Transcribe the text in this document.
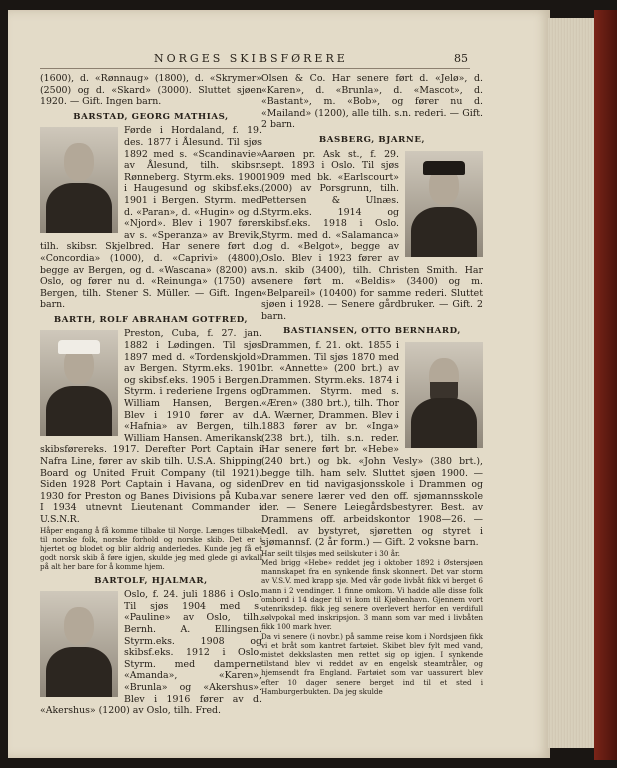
NORGES SKIBSFØRERE	85

(1600), d. «Rønnaug» (1800), d. «Skrymer» (2500) og d. «Skard» (3000). Sluttet sjøen 1920. — Gift. Ingen barn.

BARSTAD, GEORG MATHIAS,

Førde i Hordaland, f. 19. des. 1877 i Ålesund. Til sjøs 1892 med s. «Scandinavie» av Ålesund, tilh. skibsr. Rønneberg. Styrm.eks. 1900 i Haugesund og skibsf.eks. 1901 i Bergen. Styrm. med d. «Paran», d. «Hugin» og d. «Njord». Blev i 1907 fører av s. «Speranza» av Brevik, tilh. skibsr. Skjelbred. Har senere ført d. «Concordia» (1000), d. «Caprivi» (4800), begge av Bergen, og d. «Wascana» (8200) av Oslo, og fører nu d. «Reinunga» (1750) av Bergen, tilh. Stener S. Müller. — Gift. Ingen barn.

BARTH, ROLF ABRAHAM GOTFRED,

Preston, Cuba, f. 27. jan. 1882 i Lødingen. Til sjøs 1897 med d. «Tordenskjold» av Bergen. Styrm.eks. 1901 og skibsf.eks. 1905 i Bergen. Styrm. i rederiene Irgens og William Hansen, Bergen. Blev i 1910 fører av d. «Hafnia» av Bergen, tilh. William Hansen. Amerikansk skibsførereks. 1917. Derefter Port Captain i Nafra Line, fører av skib tilh. U.S.A. Shipping Board og United Fruit Company (til 1921). Siden 1928 Port Captain i Havana, og siden 1930 for Preston og Banes Divisions på Kuba. I 1934 utnevnt Lieutenant Commander i U.S.N.R.

Håper engang å få komme tilbake til Norge. Længes tilbake til norske folk, norske forhold og norske skib. Det er i hjertet og blodet og blir aldrig anderledes. Kunde jeg få et godt norsk skib å føre igjen, skulde jeg med glede gi avkall på alt her bare for å komme hjem.

BARTOLF, HJALMAR,

Oslo, f. 24. juli 1886 i Oslo. Til sjøs 1904 med s. «Pauline» av Oslo, tilh. Bernh. A. Ellingsen. Styrm.eks. 1908 og skibsf.eks. 1912 i Oslo. Styrm. med damperne «Amanda», «Karen», «Brunla» og «Akershus». Blev i 1916 fører av d. «Akershus» (1200) av Oslo, tilh. Fred.

Olsen & Co. Har senere ført d. «Jelø», d. «Karen», d. «Brunla», d. «Mascot», d. «Bastant», m. «Bob», og fører nu d. «Mailand» (1200), alle tilh. s.n. rederi. — Gift. 2 barn.

BASBERG, BJARNE,

Aarøen pr. Ask st., f. 29. sept. 1893 i Oslo. Til sjøs 1909 med bk. «Earlscourt» (2000) av Porsgrunn, tilh. Pettersen & Ulnæs. Styrm.eks. 1914 og skibsf.eks. 1918 i Oslo. Styrm. med d. «Salamanca» og d. «Belgot», begge av Oslo. Blev i 1923 fører av s.n. skib (3400), tilh. Christen Smith. Har senere ført m. «Beldis» (3400) og m. «Belpareil» (10400) for samme rederi. Sluttet sjøen i 1928. — Senere gårdbruker. — Gift. 2 barn.

BASTIANSEN, OTTO BERNHARD,

Drammen, f. 21. okt. 1855 i Drammen. Til sjøs 1870 med br. «Annette» (200 brt.) av Drammen. Styrm.eks. 1874 i Drammen. Styrm. med s. «Æren» (380 brt.), tilh. Thor A. Wærner, Drammen. Blev i 1883 fører av br. «Inga» (238 brt.), tilh. s.n. reder. Har senere ført br. «Hebe» (240 brt.) og bk. «John Vesly» (380 brt.), begge tilh. ham selv. Sluttet sjøen 1900. — Drev en tid navigasjonsskole i Drammen og var senere lærer ved den off. sjømannsskole der. — Senere Leiegårdsbestyrer. Best. av Drammens off. arbeidskontor 1908—26. — Medl. av bystyret, sjøretten og styret i sjømannsf. (2 år form.) — Gift. 2 voksne barn.

Har seilt tilsjøs med seilskuter i 30 år.

Med brigg «Hebe» reddet jeg i oktober 1892 i Østersjøen mannskapet fra en synkende finsk skonnert. Det var storm av V.S.V. med krapp sjø. Med vår gode livbåt fikk vi berget 6 mann i 2 vendinger. 1 finne omkom. Vi hadde alle disse folk ombord i 14 dager til vi kom til Kjøbenhavn. Gjennem vort utenriksdep. fikk jeg senere overlevert herfor en verdifull sølvpokal med inskripsjon. 3 mann som var med i livbåten fikk 100 mark hver.

Da vi senere (i novbr.) på samme reise kom i Nordsjøen fikk vi et bråt som kantret fartøiet. Skibet blev fylt med vand, mistet dekkslasten men rettet sig op igjen. I synkende tilstand blev vi reddet av en engelsk steamtråler, og hjemsendt fra England. Fartøiet som var uassurert blev efter 10 dager senere berget ind til et sted i Hamburgerbukten. Da jeg skulde
